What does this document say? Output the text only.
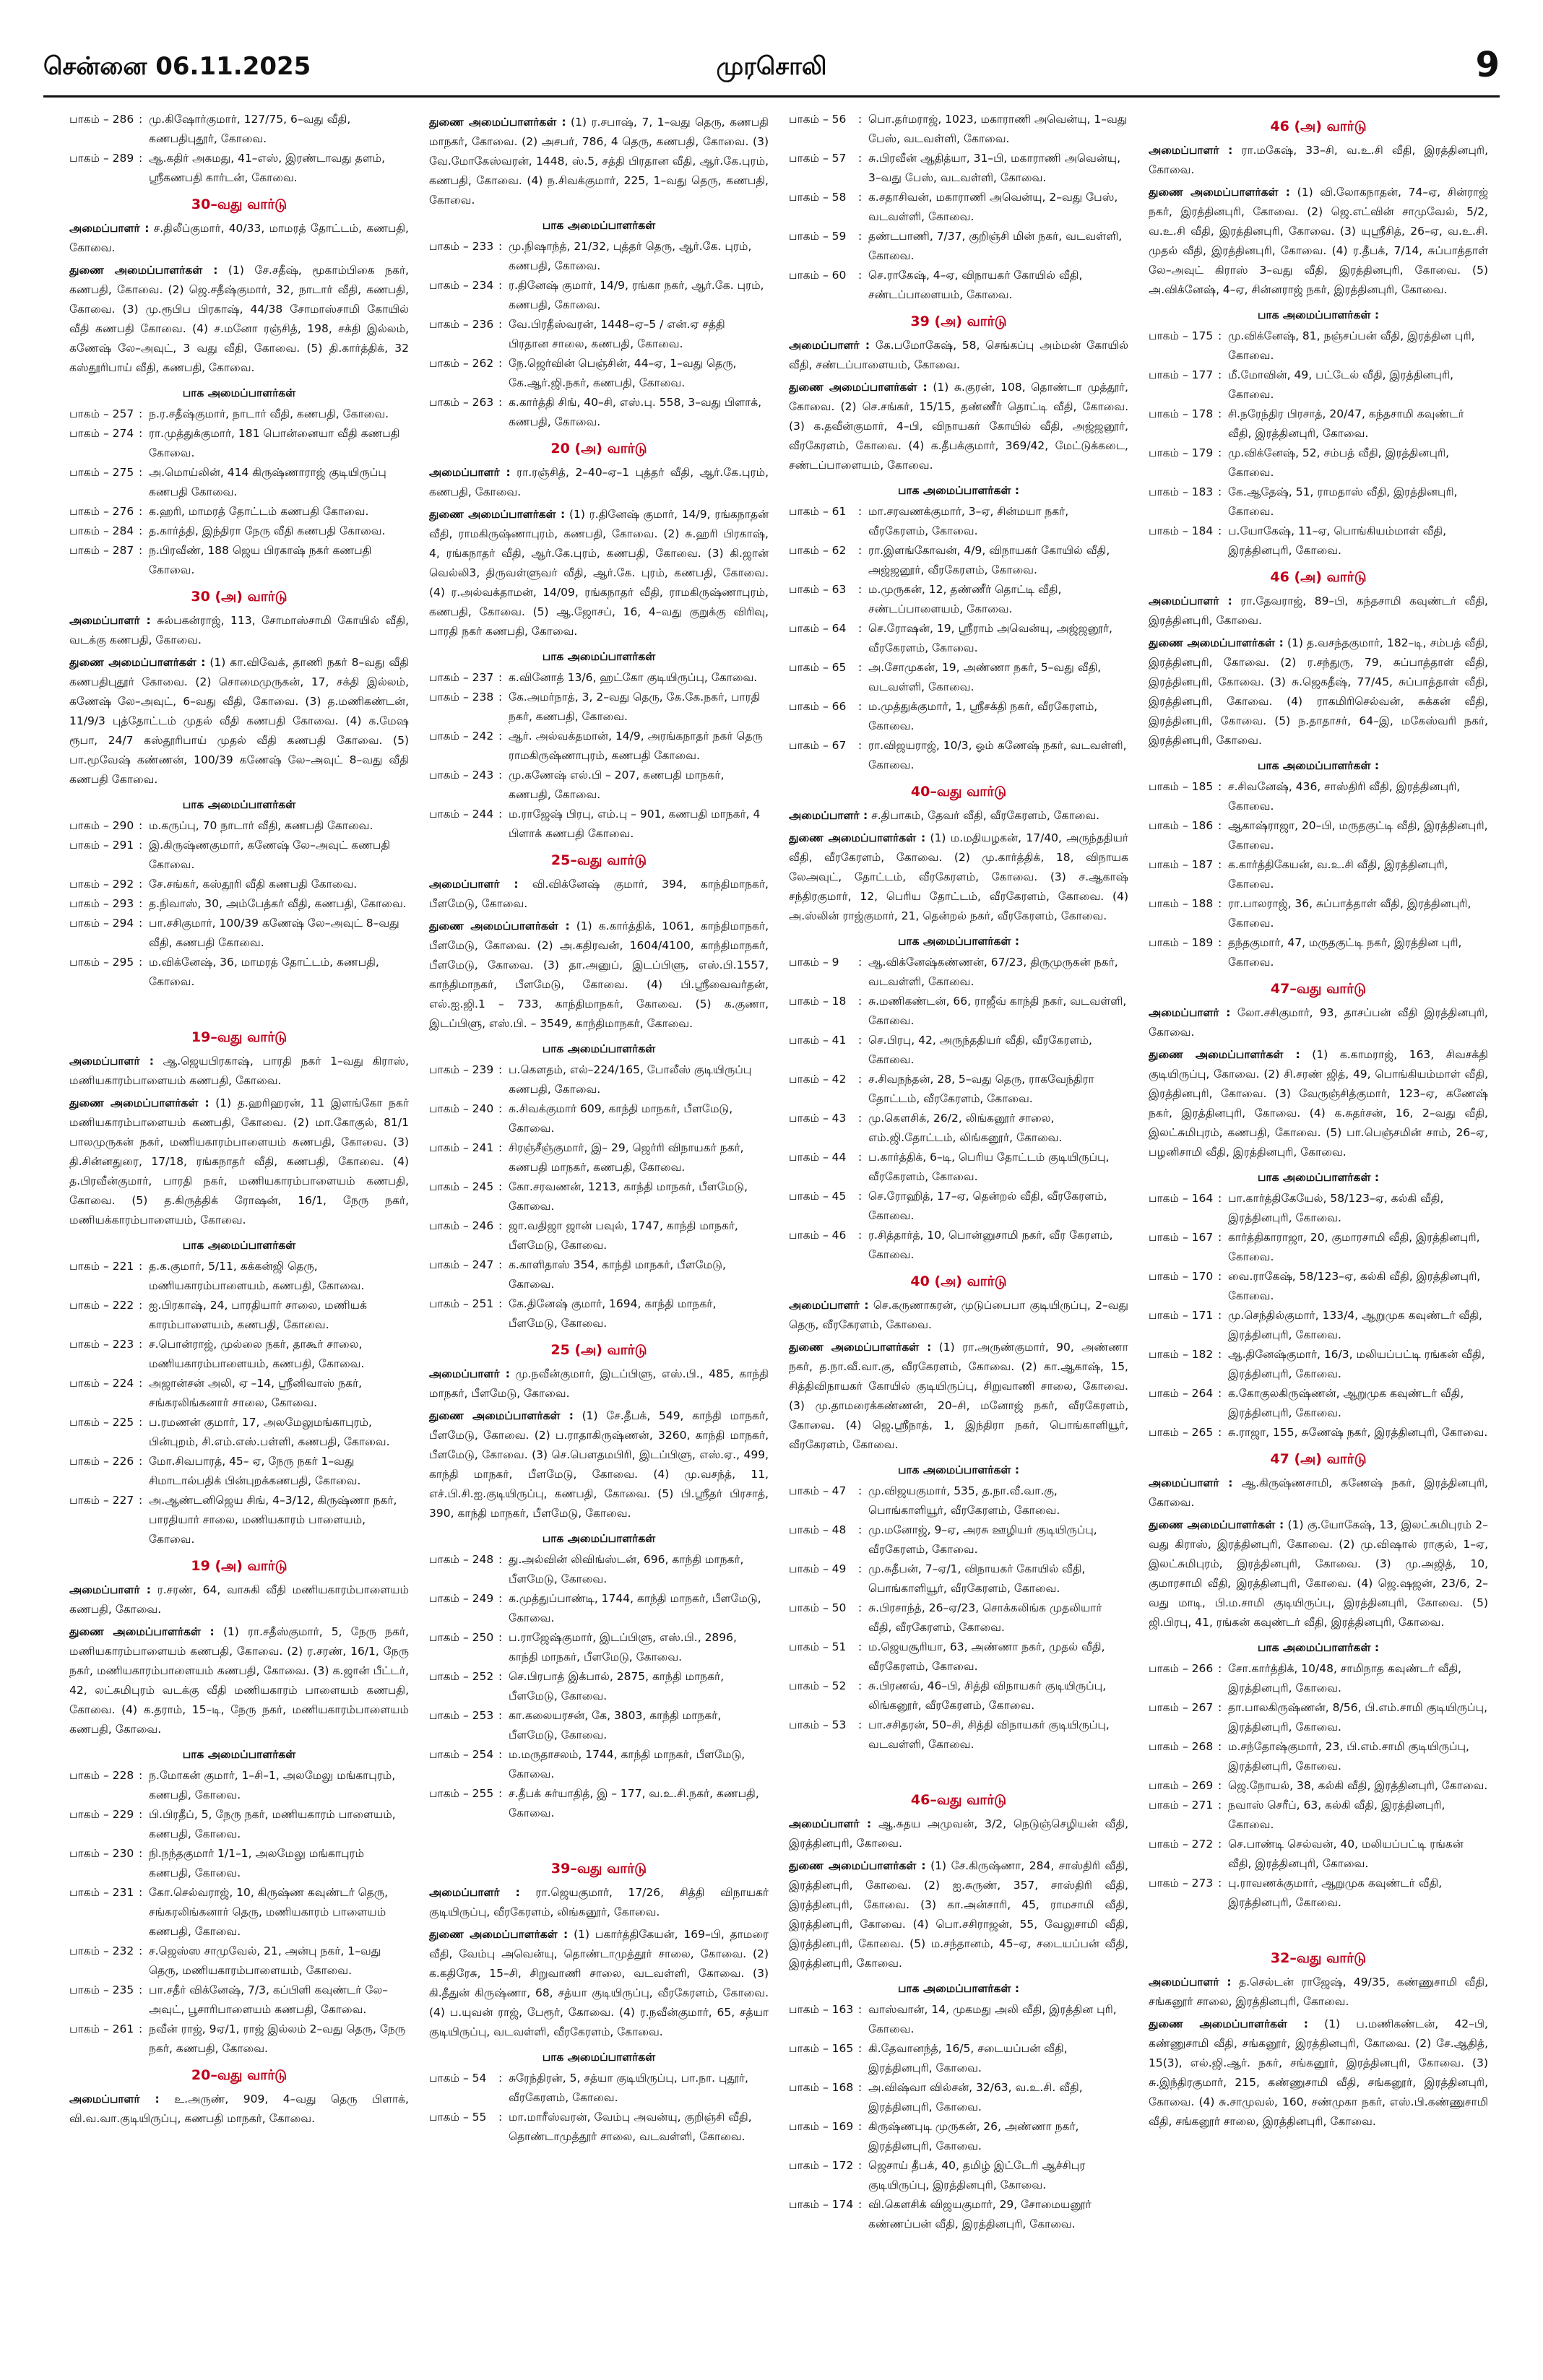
சென்னை 06.11.2025	முரசொலி	9
பாகம் – 286 : மு.கிஷோர்குமார், 127/75, 6–வது வீதி, கணபதிபுதூர், கோவை.
பாகம் – 289 : ஆ.கதிர் அகமது, 41–எஸ், இரண்டாவது தளம், ஸ்ரீகணபதி கார்டன், கோவை.
30–வது வார்டு
அமைப்பாளர் : ச.திலீப்குமார், 40/33, மாமரத் தோட்டம், கணபதி, கோவை.
துணை அமைப்பாளர்கள் : (1) சே.சதீஷ், மூகாம்பிகை நகர், கணபதி, கோவை. (2) ஜெ.சதீஷ்குமார், 32, நாடார் வீதி, கணபதி, கோவை. (3) மு.ரூபிப பிரகாஷ், 44/38 சோமாஸ்சாமி கோயில் வீதி கணபதி கோவை. (4) ச.மனோ ரஞ்சித், 198, சக்தி இல்லம், கணேஷ் லே–அவுட், 3 வது வீதி, கோவை. (5) தி.கார்த்திக், 32 கஸ்தூரிபாய் வீதி, கணபதி, கோவை.
பாக அமைப்பாளர்கள்
பாகம் – 257 : ந.ர.சதீஷ்குமார், நாடார் வீதி, கணபதி, கோவை.
பாகம் – 274 : ரா.முத்துக்குமார், 181 பொன்னையா வீதி கணபதி கோவை.
பாகம் – 275 : அ.மொய்லின், 414 கிருஷ்ணாராஜ் குடியிருப்பு கணபதி கோவை.
பாகம் – 276 : க.ஹரி, மாமரத் தோட்டம் கணபதி கோவை.
பாகம் – 284 : த.கார்த்தி, இந்திரா நேரு வீதி கணபதி கோவை.
பாகம் – 287 : ந.பிரவீண், 188 ஜெய பிரகாஷ் நகர் கணபதி கோவை.
30 (அ) வார்டு
அமைப்பாளர் : சுல்பகன்ராஜ், 113, சோமாஸ்சாமி கோயில் வீதி, வடக்கு கணபதி, கோவை.
துணை அமைப்பாளர்கள் : (1) கா.விவேக், தாணி நகர் 8–வது வீதி கணபதிபுதூர் கோவை. (2) சொமைமுருகன், 17, சக்தி இல்லம், கணேஷ் லே–அவுட், 6–வது வீதி, கோவை. (3) த.மணிகண்டன், 11/9/3 புத்தோட்டம் முதல் வீதி கணபதி கோவை. (4) க.மேஷ ரூபா, 24/7 கஸ்தூரிபாய் முதல் வீதி கணபதி கோவை. (5) பா.மூவேஷ் கண்ணன், 100/39 கணேஷ் லே–அவுட் 8–வது வீதி கணபதி கோவை.
பாக அமைப்பாளர்கள்
பாகம் – 290 : ம.கருப்பு, 70 நாடார் வீதி, கணபதி கோவை.
பாகம் – 291 : இ.கிருஷ்ணகுமார், கணேஷ் லே–அவுட் கணபதி கோவை.
பாகம் – 292 : சே.சங்கர், கஸ்தூரி வீதி கணபதி கோவை.
பாகம் – 293 : த.நிவாஸ், 30, அம்பேத்கர் வீதி, கணபதி, கோவை.
பாகம் – 294 : பா.சசிகுமார், 100/39 கணேஷ் லே–அவுட் 8–வது வீதி, கணபதி கோவை.
பாகம் – 295 : ம.விக்னேஷ், 36, மாமரத் தோட்டம், கணபதி, கோவை.
19–வது வார்டு
அமைப்பாளர் : ஆ.ஜெயபிரகாஷ், பாரதி நகர் 1–வது கிராஸ், மணியகாரம்பாளையம் கணபதி, கோவை.
துணை அமைப்பாளர்கள் : (1) த.ஹரிஹரன், 11 இளங்கோ நகர் மணியகாரம்பாளையம் கணபதி, கோவை. (2) மா.கோகுல், 81/1 பாலமுருகன் நகர், மணியகாரம்பாளையம் கணபதி, கோவை. (3) தி.சின்னதுரை, 17/18, ரங்கநாதர் வீதி, கணபதி, கோவை. (4) த.பிரவீன்குமார், பாரதி நகர், மணியகாரம்பாளையம் கணபதி, கோவை. (5) த.கிருத்திக் ரோஷன், 16/1, நேரு நகர், மணியக்காரம்பாளையம், கோவை.
பாக அமைப்பாளர்கள்
பாகம் – 221 : த.க.குமார், 5/11, கக்கன்ஜி தெரு, மணியகாரம்பாளையம், கணபதி, கோவை.
பாகம் – 222 : ஐ.பிரகாஷ், 24, பாரதியார் சாலை, மணியக் காரம்பாளையம், கணபதி, கோவை.
பாகம் – 223 : ச.பொன்ராஜ், முல்லை நகர், தாகூர் சாலை, மணியகாரம்பாளையம், கணபதி, கோவை.
பாகம் – 224 : அஜான்சன் அலி, ஏ –14, ஸ்ரீனிவாஸ் நகர், சங்கரலிங்கனார் சாலை, கோவை.
பாகம் – 225 : ப.ரமணன் குமார், 17, அலமேலுமங்காபுரம், பின்புறம், சி.எம்.எஸ்.பள்ளி, கணபதி, கோவை.
பாகம் – 226 : மோ.சிவபாரத், 45– ஏ, நேரு நகர் 1–வது சிமாடால்பதிக் பின்புறக்கணபதி, கோவை.
பாகம் – 227 : அ.ஆண்டனிஜெய சிங், 4–3/12, கிருஷ்ணா நகர், பாரதியார் சாலை, மணியகாரம் பாளையம், கோவை.
19 (அ) வார்டு
அமைப்பாளர் : ர.சரண், 64, வாசுகி வீதி மணியகாரம்பாளையம் கணபதி, கோவை.
துணை அமைப்பாளர்கள் : (1) ரா.சதீஸ்குமார், 5, நேரு நகர், மணியகாரம்பாளையம் கணபதி, கோவை. (2) ர.சரண், 16/1, நேரு நகர், மணியகாரம்பாளையம் கணபதி, கோவை. (3) க.ஜான் பீட்டர், 42, லட்சுமிபுரம் வடக்கு வீதி மணியகாரம் பாளையம் கணபதி, கோவை. (4) க.தராம், 15–டி, நேரு நகர், மணியகாரம்பாளையம் கணபதி, கோவை.
பாக அமைப்பாளர்கள்
பாகம் – 228 : ந.மோகன் குமார், 1–சி–1, அலமேலு மங்காபுரம், கணபதி, கோவை.
பாகம் – 229 : பி.பிரதீப், 5, நேரு நகர், மணியகாரம் பாளையம், கணபதி, கோவை.
பாகம் – 230 : நி.நந்தகுமார் 1/1–1, அலமேலு மங்காபுரம் கணபதி, கோவை.
பாகம் – 231 : கோ.செல்வராஜ், 10, கிருஷ்ண கவுண்டர் தெரு, சங்கரலிங்கனார் தெரு, மணியகாரம் பாளையம் கணபதி, கோவை.
பாகம் – 232 : ச.ஜெஸ்ஸ சாமுவேல், 21, அன்பு நகர், 1–வது தெரு, மணியகாரம்பாளையம், கோவை.
பாகம் – 235 : பா.சதீர் விக்னேஷ், 7/3, கப்பிளி கவுண்டர் லே–அவுட், பூசாரிபாளையம் கணபதி, கோவை.
பாகம் – 261 : நவீன் ராஜ், 9ஏ/1, ராஜ் இல்லம் 2–வது தெரு, நேரு நகர், கணபதி, கோவை.
20–வது வார்டு
அமைப்பாளர் : உ.அருண், 909, 4–வது தெரு பிளாக், வி.வ.வா.குடியிருப்பு, கணபதி மாநகர், கோவை.
துணை அமைப்பாளர்கள் : (1) ர.சபாஷ், 7, 1–வது தெரு, கணபதி மாநகர், கோவை. (2) அசபர், 786, 4 தெரு, கணபதி, கோவை. (3) வே.மோகேஸ்வரன், 1448, ஸ்.5, சத்தி பிரதான வீதி, ஆர்.கே.புரம், கணபதி, கோவை. (4) ந.சிவக்குமார், 225, 1–வது தெரு, கணபதி, கோவை.
பாக அமைப்பாளர்கள்
பாகம் – 233 : மு.நிஷாந்த், 21/32, புத்தர் தெரு, ஆர்.கே. புரம், கணபதி, கோவை.
பாகம் – 234 : ர.தினேஷ் குமார், 14/9, ரங்கா நகர், ஆர்.கே. புரம், கணபதி, கோவை.
பாகம் – 236 : வே.பிரதீஸ்வரன், 1448–ஏ–5 / என்.ஏ சத்தி பிரதான சாலை, கணபதி, கோவை.
பாகம் – 262 : நே.ஜெர்வின் பெஞ்சின், 44–ஏ, 1–வது தெரு, கே.ஆர்.ஜி.நகர், கணபதி, கோவை.
பாகம் – 263 : க.கார்த்தி சிங், 40–சி, எஸ்.பு. 558, 3–வது பிளாக், கணபதி, கோவை.
20 (அ) வார்டு
அமைப்பாளர் : ரா.ரஞ்சித், 2–40–ஏ–1 புத்தர் வீதி, ஆர்.கே.புரம், கணபதி, கோவை.
துணை அமைப்பாளர்கள் : (1) ர.தினேஷ் குமார், 14/9, ரங்கநாதன் வீதி, ராமகிருஷ்ணாபுரம், கணபதி, கோவை. (2) சு.ஹரி பிரகாஷ், 4, ரங்கநாதர் வீதி, ஆர்.கே.புரம், கணபதி, கோவை. (3) கி.ஜான் வெல்லி3, திருவள்ளுவர் வீதி, ஆர்.கே. புரம், கணபதி, கோவை. (4) ர.அல்வக்தாமன், 14/09, ரங்கநாதர் வீதி, ராமகிருஷ்ணாபுரம், கணபதி, கோவை. (5) ஆ.ஜோசப், 16, 4–வது குறுக்கு விரிவு, பாரதி நகர் கணபதி, கோவை.
பாக அமைப்பாளர்கள்
பாகம் – 237 : க.வினோத் 13/6, ஹட்கோ குடியிருப்பு, கோவை.
பாகம் – 238 : கே.அமர்நாத், 3, 2–வது தெரு, கே.கே.நகர், பாரதி நகர், கணபதி, கோவை.
பாகம் – 242 : ஆர். அல்வக்தமான், 14/9, அரங்கநாதர் நகர் தெரு ராமகிருஷ்ணாபுரம், கணபதி கோவை.
பாகம் – 243 : மு.கணேஷ் எல்.பி – 207, கணபதி மாநகர், கணபதி, கோவை.
பாகம் – 244 : ம.ராஜேஷ் பிரபு, எம்.பு – 901, கணபதி மாநகர், 4 பிளாக் கணபதி கோவை.
25–வது வார்டு
அமைப்பாளர் : வி.விக்னேஷ் குமார், 394, காந்திமாநகர், பீளமேடு, கோவை.
துணை அமைப்பாளர்கள் : (1) க.கார்த்திக், 1061, காந்திமாநகர், பீளமேடு, கோவை. (2) அ.கதிரவன், 1604/4100, காந்திமாநகர், பீளமேடு, கோவை. (3) தா.அனுப், இடப்பிளு, எஸ்.பி.1557, காந்திமாநகர், பீளமேடு, கோவை. (4) பி.ஸ்ரீவைவர்தன், எல்.ஐ.ஜி.1 – 733, காந்திமாநகர், கோவை. (5) க.குணா, இடப்பிளு, எஸ்.பி. – 3549, காந்திமாநகர், கோவை.
பாக அமைப்பாளர்கள்
பாகம் – 239 : ப.கௌதம், எல்–224/165, போலீஸ் குடியிருப்பு கணபதி, கோவை.
பாகம் – 240 : க.சிவக்குமார் 609, காந்தி மாநகர், பீளமேடு, கோவை.
பாகம் – 241 : சிரஞ்சீஞ்குமார், இ– 29, ஜெர்ரி விநாயகர் நகர், கணபதி மாநகர், கணபதி, கோவை.
பாகம் – 245 : கோ.சரவணன், 1213, காந்தி மாநகர், பீளமேடு, கோவை.
பாகம் – 246 : ஜா.வதிஜா ஜான் பவுல், 1747, காந்தி மாநகர், பீளமேடு, கோவை.
பாகம் – 247 : க.காளிதாஸ் 354, காந்தி மாநகர், பீளமேடு, கோவை.
பாகம் – 251 : கே.தினேஷ் குமார், 1694, காந்தி மாநகர், பீளமேடு, கோவை.
25 (அ) வார்டு
அமைப்பாளர் : மு.நவீன்குமார், இடப்பிளு, எஸ்.பி., 485, காந்தி மாநகர், பீளமேடு, கோவை.
துணை அமைப்பாளர்கள் : (1) சே.தீபக், 549, காந்தி மாநகர், பீளமேடு, கோவை. (2) ப.ராதாகிருஷ்ணன், 3260, காந்தி மாநகர், பீளமேடு, கோவை. (3) செ.பௌதமபிரி, இடப்பிளு, எஸ்.ஏ., 499, காந்தி மாநகர், பீளமேடு, கோவை. (4) மு.வசந்த், 11, எச்.பி.சி.ஐ.குடியிருப்பு, கணபதி, கோவை. (5) பி.ஸ்ரீதர் பிரசாத், 390, காந்தி மாநகர், பீளமேடு, கோவை.
பாக அமைப்பாளர்கள்
பாகம் – 248 : து.அல்வின் லிவிங்ஸ்டன், 696, காந்தி மாநகர், பீளமேடு, கோவை.
பாகம் – 249 : க.முத்துப்பாண்டி, 1744, காந்தி மாநகர், பீளமேடு, கோவை.
பாகம் – 250 : ப.ராஜேஷ்குமார், இடப்பிளு, எஸ்.பி., 2896, காந்தி மாநகர், பீளமேடு, கோவை.
பாகம் – 252 : செ.பிரபாத் இக்பால், 2875, காந்தி மாநகர், பீளமேடு, கோவை.
பாகம் – 253 : கா.கலையரசன், கே, 3803, காந்தி மாநகர், பீளமேடு, கோவை.
பாகம் – 254 : ம.மருதாசலம், 1744, காந்தி மாநகர், பீளமேடு, கோவை.
பாகம் – 255 : ச.தீபக் சுர்யாதித், இ – 177, வ.உ.சி.நகர், கணபதி, கோவை.
39–வது வார்டு
அமைப்பாளர் : ரா.ஜெயகுமார், 17/26, சித்தி விநாயகர் குடியிருப்பு, வீரகேரளம், லிங்கனூர், கோவை.
துணை அமைப்பாளர்கள் : (1) பகார்த்திகேயன், 169–பி, தாமரை வீதி, வேம்பு அவென்யு, தொண்டாமுத்தூர் சாலை, கோவை. (2) க.கதிரேசு, 15–சி, சிறுவாணி சாலை, வடவள்ளி, கோவை. (3) கி.தீதுன் கிருஷ்ணா, 68, சத்யா குடியிருப்பு, வீரகேரளம், கோவை. (4) ப.யுவன் ராஜ், பேரூர், கோவை. (4) ர.நவீன்குமார், 65, சத்யா குடியிருப்பு, வடவள்ளி, வீரகேரளம், கோவை.
பாக அமைப்பாளர்கள்
பாகம் – 54	: சுரேந்திரன், 5, சத்யா குடியிருப்பு, பா.நா. புதூர், வீரகேரளம், கோவை.
பாகம் – 55	: மா.மாரீஸ்வரன், வேம்பு அவன்யு, குறிஞ்சி வீதி, தொண்டாமுத்தூர் சாலை, வடவள்ளி, கோவை.
பாகம் – 56	: பொ.தர்மராஜ், 1023, மகாராணி அவென்யு, 1–வது பேஸ், வடவள்ளி, கோவை.
பாகம் – 57	: சு.பிரவீன் ஆதித்யா, 31–பி, மகாராணி அவென்யு, 3–வது பேஸ், வடவள்ளி, கோவை.
பாகம் – 58	: க.சதாசிவன், மகாராணி அவென்யு, 2–வது பேஸ், வடவள்ளி, கோவை.
பாகம் – 59	: தண்டபாணி, 7/37, குறிஞ்சி மின் நகர், வடவள்ளி, கோவை.
பாகம் – 60	: செ.ராகேஷ், 4–ஏ, விநாயகர் கோயில் வீதி, சண்டப்பாளையம், கோவை.
39 (அ) வார்டு
அமைப்பாளர் : கே.பமோகேஷ், 58, செங்கப்பு அம்மன் கோயில் வீதி, சண்டப்பாளையம், கோவை.
துணை அமைப்பாளர்கள் : (1) சு.குரன், 108, தொண்டா முத்தூர், கோவை. (2) செ.சங்கர், 15/15, தண்ணீர் தொட்டி வீதி, கோவை. (3) க.தவீன்குமார், 4–பி, விநாயகர் கோயில் வீதி, அஜ்ஜனூர், வீரகேரளம், கோவை. (4) க.தீபக்குமார், 369/42, மேட்டுக்கடை, சண்டப்பாளையம், கோவை.
பாக அமைப்பாளர்கள் :
பாகம் – 61	: மா.சரவணக்குமார், 3–ஏ, சின்மயா நகர், வீரகேரளம், கோவை.
பாகம் – 62	: ரா.இளங்கோவன், 4/9, விநாயகர் கோயில் வீதி, அஜ்ஜனூர், வீரகேரளம், கோவை.
பாகம் – 63	: ம.முருகன், 12, தண்ணீர் தொட்டி வீதி, சண்டப்பாளையம், கோவை.
பாகம் – 64	: செ.ரோஷன், 19, ஸ்ரீராம் அவென்யு, அஜ்ஜனூர், வீரகேரளம், கோவை.
பாகம் – 65	: அ.சோமுகன், 19, அண்ணா நகர், 5–வது வீதி, வடவள்ளி, கோவை.
பாகம் – 66	: ம.முத்துக்குமார், 1, ஸ்ரீசக்தி நகர், வீரகேரளம், கோவை.
பாகம் – 67	: ரா.விஜயராஜ், 10/3, ஓம் கணேஷ் நகர், வடவள்ளி, கோவை.
40–வது வார்டு
அமைப்பாளர் : ச.திபாகம், தேவர் வீதி, வீரகேரளம், கோவை.
துணை அமைப்பாளர்கள் : (1) ம.மதியழகன், 17/40, அருந்ததியர் வீதி, வீரகேரளம், கோவை. (2) மு.கார்த்திக், 18, விநாயக லேஅவுட், தோட்டம், வீரகேரளம், கோவை. (3) ச.ஆகாஷ் சந்திரகுமார், 12, பெரிய தோட்டம், வீரகேரளம், கோவை. (4) அ.ஸ்லின் ராஜ்குமார், 21, தென்றல் நகர், வீரகேரளம், கோவை.
பாக அமைப்பாளர்கள் :
பாகம் – 9	: ஆ.விக்னேஷ்கண்ணன், 67/23, திருமுருகன் நகர், வடவள்ளி, கோவை.
பாகம் – 18	: சு.மணிகண்டன், 66, ராஜீவ் காந்தி நகர், வடவள்ளி, கோவை.
பாகம் – 41	: செ.பிரபு, 42, அருந்ததியர் வீதி, வீரகேரளம், கோவை.
பாகம் – 42	: ச.சிவநந்தன், 28, 5–வது தெரு, ராகவேந்திரா தோட்டம், வீரகேரளம், கோவை.
பாகம் – 43	: மு.கௌசிக், 26/2, லிங்கனூர் சாலை, எம்.ஜி.தோட்டம், லிங்கனூர், கோவை.
பாகம் – 44	: ப.கார்த்திக், 6–டி, பெரிய தோட்டம் குடியிருப்பு, வீரகேரளம், கோவை.
பாகம் – 45	: செ.ரோஹித், 17–ஏ, தென்றல் வீதி, வீரகேரளம், கோவை.
பாகம் – 46	: ர.சித்தார்த், 10, பொன்னுசாமி நகர், வீர கேரளம், கோவை.
40 (அ) வார்டு
அமைப்பாளர் : செ.கருணாகரன், முடுப்பைபா குடியிருப்பு, 2–வது தெரு, வீரகேரளம், கோவை.
துணை அமைப்பாளர்கள் : (1) ரா.அருண்குமார், 90, அண்ணா நகர், த.நா.வீ.வா.கு, வீரகேரளம், கோவை. (2) கா.ஆகாஷ், 15, சித்திவிநாயகர் கோயில் குடியிருப்பு, சிறுவாணி சாலை, கோவை. (3) மு.தாமரைக்கண்ணன், 20–சி, மனோஜ் நகர், வீரகேரளம், கோவை. (4) ஜெ.ஸ்ரீநாத், 1, இந்திரா நகர், பொங்காளியூர், வீரகேரளம், கோவை.
பாக அமைப்பாளர்கள் :
பாகம் – 47	: மு.விஜயகுமார், 535, த.நா.வீ.வா.கு, பொங்காளியூர், வீரகேரளம், கோவை.
பாகம் – 48	: மு.மனோஜ், 9–ஏ, அரசு ஊழியர் குடியிருப்பு, வீரகேரளம், கோவை.
பாகம் – 49	: மு.சுதீபன், 7–ஏ/1, விநாயகர் கோயில் வீதி, பொங்காளியூர், வீரகேரளம், கோவை.
பாகம் – 50	: சு.பிரசாந்த், 26–ஏ/23, சொக்கலிங்க முதலியார் வீதி, வீரகேரளம், கோவை.
பாகம் – 51	: ம.ஜெயசூரியா, 63, அண்ணா நகர், முதல் வீதி, வீரகேரளம், கோவை.
பாகம் – 52	: சு.பிரணவ், 46–பி, சித்தி விநாயகர் குடியிருப்பு, லிங்கனூர், வீரகேரளம், கோவை.
பாகம் – 53	: பா.சசிதரன், 50–சி, சித்தி விநாயகர் குடியிருப்பு, வடவள்ளி, கோவை.
46–வது வார்டு
அமைப்பாளர் : ஆ.சுதய அமுவன், 3/2, நெடுஞ்செழியன் வீதி, இரத்தினபுரி, கோவை.
துணை அமைப்பாளர்கள் : (1) சே.கிருஷ்ணா, 284, சாஸ்திரி வீதி, இரத்தினபுரி, கோவை. (2) ஐ.சுருண், 357, சாஸ்திரி வீதி, இரத்தினபுரி, கோவை. (3) கா.அன்சாரி, 45, ராமசாமி வீதி, இரத்தினபுரி, கோவை. (4) பொ.சசிராஜன், 55, வேலுசாமி வீதி, இரத்தினபுரி, கோவை. (5) ம.சந்தானம், 45–ஏ, சடையப்பன் வீதி, இரத்தினபுரி, கோவை.
பாக அமைப்பாளர்கள் :
பாகம் – 163 : வாஸ்வான், 14, முகமது அலி வீதி, இரத்தின புரி, கோவை.
பாகம் – 165 : கி.தேவானந்த், 16/5, சடையப்பன் வீதி, இரத்தினபுரி, கோவை.
பாகம் – 168 : அ.விஷ்வா வில்சன், 32/63, வ.உ.சி. வீதி, இரத்தினபுரி, கோவை.
பாகம் – 169 : கிருஷ்ணபுடி முருகன், 26, அண்ணா நகர், இரத்தினபுரி, கோவை.
பாகம் – 172 : ஜெசாய் தீபக், 40, தமிழ் இட்டேரி ஆச்சிபுர குடியிருப்பு, இரத்தினபுரி, கோவை.
பாகம் – 174 : வி.கௌசிக் விஜயகுமார், 29, சோமையனூர் கண்ணப்பன் வீதி, இரத்தினபுரி, கோவை.
46 (அ) வார்டு
அமைப்பாளர் : ரா.மகேஷ், 33–சி, வ.உ.சி வீதி, இரத்தினபுரி, கோவை.
துணை அமைப்பாளர்கள் : (1) வி.லோகநாதன், 74–ஏ, சின்ராஜ் நகர், இரத்தினபுரி, கோவை. (2) ஜெ.எட்வின் சாமுவேல், 5/2, வ.உ.சி வீதி, இரத்தினபுரி, கோவை. (3) யுஸ்ரீசித், 26–ஏ, வ.உ.சி. முதல் வீதி, இரத்தினபுரி, கோவை. (4) ர.தீபக், 7/14, சுப்பாத்தாள் லே–அவுட் கிராஸ் 3–வது வீதி, இரத்தினபுரி, கோவை. (5) அ.விக்னேஷ், 4–ஏ, சின்னராஜ் நகர், இரத்தினபுரி, கோவை.
பாக அமைப்பாளர்கள் :
பாகம் – 175 : மு.விக்னேஷ், 81, நஞ்சப்பன் வீதி, இரத்தின புரி, கோவை.
பாகம் – 177 : மீ.மோவின், 49, பட்டேல் வீதி, இரத்தினபுரி, கோவை.
பாகம் – 178 : சி.நரேந்திர பிரசாத், 20/47, கந்தசாமி கவுண்டர் வீதி, இரத்தினபுரி, கோவை.
பாகம் – 179 : மு.விக்னேஷ், 52, சம்பத் வீதி, இரத்தினபுரி, கோவை.
பாகம் – 183 : கே.ஆதேஷ், 51, ராமதாஸ் வீதி, இரத்தினபுரி, கோவை.
பாகம் – 184 : ப.யோகேஷ், 11–ஏ, பொங்கியம்மாள் வீதி, இரத்தினபுரி, கோவை.
46 (அ) வார்டு
அமைப்பாளர் : ரா.தேவராஜ், 89–பி, கந்தசாமி கவுண்டர் வீதி, இரத்தினபுரி, கோவை.
துணை அமைப்பாளர்கள் : (1) த.வசந்தகுமார், 182–டி, சம்பத் வீதி, இரத்தினபுரி, கோவை. (2) ர.சந்துரு, 79, சுப்பாத்தாள் வீதி, இரத்தினபுரி, கோவை. (3) சு.ஜெகதீஷ், 77/45, சுப்பாத்தாள் வீதி, இரத்தினபுரி, கோவை. (4) ராகமிரிசெல்வன், சுக்கன் வீதி, இரத்தினபுரி, கோவை. (5) ந.தாதாசர், 64–இ, மகேஸ்வரி நகர், இரத்தினபுரி, கோவை.
பாக அமைப்பாளர்கள் :
பாகம் – 185 : ச.சிவனேஷ், 436, சாஸ்திரி வீதி, இரத்தினபுரி, கோவை.
பாகம் – 186 : ஆகாஷ்ராஜா, 20–பி, மருதகுட்டி வீதி, இரத்தினபுரி, கோவை.
பாகம் – 187 : க.கார்த்திகேயன், வ.உ.சி வீதி, இரத்தினபுரி, கோவை.
பாகம் – 188 : ரா.பாலராஜ், 36, சுப்பாத்தாள் வீதி, இரத்தினபுரி, கோவை.
பாகம் – 189 : தந்தகுமார், 47, மருதகுட்டி நகர், இரத்தின புரி, கோவை.
47–வது வார்டு
அமைப்பாளர் : லோ.சசிகுமார், 93, தாசப்பன் வீதி இரத்தினபுரி, கோவை.
துணை அமைப்பாளர்கள் : (1) க.காமராஜ், 163, சிவசக்தி குடியிருப்பு, கோவை. (2) சி.சரண் ஜித், 49, பொங்கியம்மாள் வீதி, இரத்தினபுரி, கோவை. (3) வேருஞ்சித்குமார், 123–ஏ, கணேஷ் நகர், இரத்தினபுரி, கோவை. (4) க.சுதர்சன், 16, 2–வது வீதி, இலட்சுமிபுரம், கணபதி, கோவை. (5) பா.பெஞ்சமின் சாம், 26–ஏ, பழனிசாமி வீதி, இரத்தினபுரி, கோவை.
பாக அமைப்பாளர்கள் :
பாகம் – 164 : பா.கார்த்திகேயேல், 58/123–ஏ, கல்கி வீதி, இரத்தினபுரி, கோவை.
பாகம் – 167 : கார்த்திகாராஜா, 20, குமாரசாமி வீதி, இரத்தினபுரி, கோவை.
பாகம் – 170 : வை.ராகேஷ், 58/123–ஏ, கல்கி வீதி, இரத்தினபுரி, கோவை.
பாகம் – 171 : மு.செந்தில்குமார், 133/4, ஆறுமுக கவுண்டர் வீதி, இரத்தினபுரி, கோவை.
பாகம் – 182 : ஆ.தினேஷ்குமார், 16/3, மலியப்பட்டி ரங்கன் வீதி, இரத்தினபுரி, கோவை.
பாகம் – 264 : க.கோகுலகிருஷ்ணன், ஆறுமுக கவுண்டர் வீதி, இரத்தினபுரி, கோவை.
பாகம் – 265 : சு.ராஜா, 155, சுணேஷ் நகர், இரத்தினபுரி, கோவை.
47 (அ) வார்டு
அமைப்பாளர் : ஆ.கிருஷ்ணசாமி, கணேஷ் நகர், இரத்தினபுரி, கோவை.
துணை அமைப்பாளர்கள் : (1) கு.யோகேஷ், 13, இலட்சுமிபுரம் 2–வது கிராஸ், இரத்தினபுரி, கோவை. (2) மு.விஷால் ராகுல், 1–ஏ, இலட்சுமிபுரம், இரத்தினபுரி, கோவை. (3) மு.அஜித், 10, குமாரசாமி வீதி, இரத்தினபுரி, கோவை. (4) ஜெ.ஷஜன், 23/6, 2–வது மாடி, பி.ம.சாமி குடியிருப்பு, இரத்தினபுரி, கோவை. (5) ஜி.பிரபு, 41, ரங்கன் கவுண்டர் வீதி, இரத்தினபுரி, கோவை.
பாக அமைப்பாளர்கள் :
பாகம் – 266 : சோ.கார்த்திக், 10/48, சாமிநாத கவுண்டர் வீதி, இரத்தினபுரி, கோவை.
பாகம் – 267 : தா.பாலகிருஷ்ணன், 8/56, பி.எம்.சாமி குடியிருப்பு, இரத்தினபுரி, கோவை.
பாகம் – 268 : ம.சந்தோஷ்குமார், 23, பி.எம்.சாமி குடியிருப்பு, இரத்தினபுரி, கோவை.
பாகம் – 269 : ஜெ.நோயல், 38, கல்கி வீதி, இரத்தினபுரி, கோவை.
பாகம் – 271 : நவாஸ் செரீப், 63, கல்கி வீதி, இரத்தினபுரி, கோவை.
பாகம் – 272 : செ.பாண்டி செல்வன், 40, மலியப்பட்டி ரங்கன் வீதி, இரத்தினபுரி, கோவை.
பாகம் – 273 : பு.ராவணக்குமார், ஆறுமுக கவுண்டர் வீதி, இரத்தினபுரி, கோவை.
32–வது வார்டு
அமைப்பாளர் : த.செல்டன் ராஜேஷ், 49/35, கண்ணுசாமி வீதி, சங்கனூர் சாலை, இரத்தினபுரி, கோவை.
துணை அமைப்பாளர்கள் : (1) ப.மணிகண்டன், 42–பி, கண்ணுசாமி வீதி, சங்கனூர், இரத்தினபுரி, கோவை. (2) சே.ஆதித், 15(3), எல்.ஜி.ஆர். நகர், சங்கனூர், இரத்தினபுரி, கோவை. (3) சு.இந்திரகுமார், 215, கண்ணுசாமி வீதி, சங்கனூர், இரத்தினபுரி, கோவை. (4) சு.சாமுவல், 160, சண்முகா நகர், எஸ்.பி.கண்ணுசாமி வீதி, சங்கனூர் சாலை, இரத்தினபுரி, கோவை.
